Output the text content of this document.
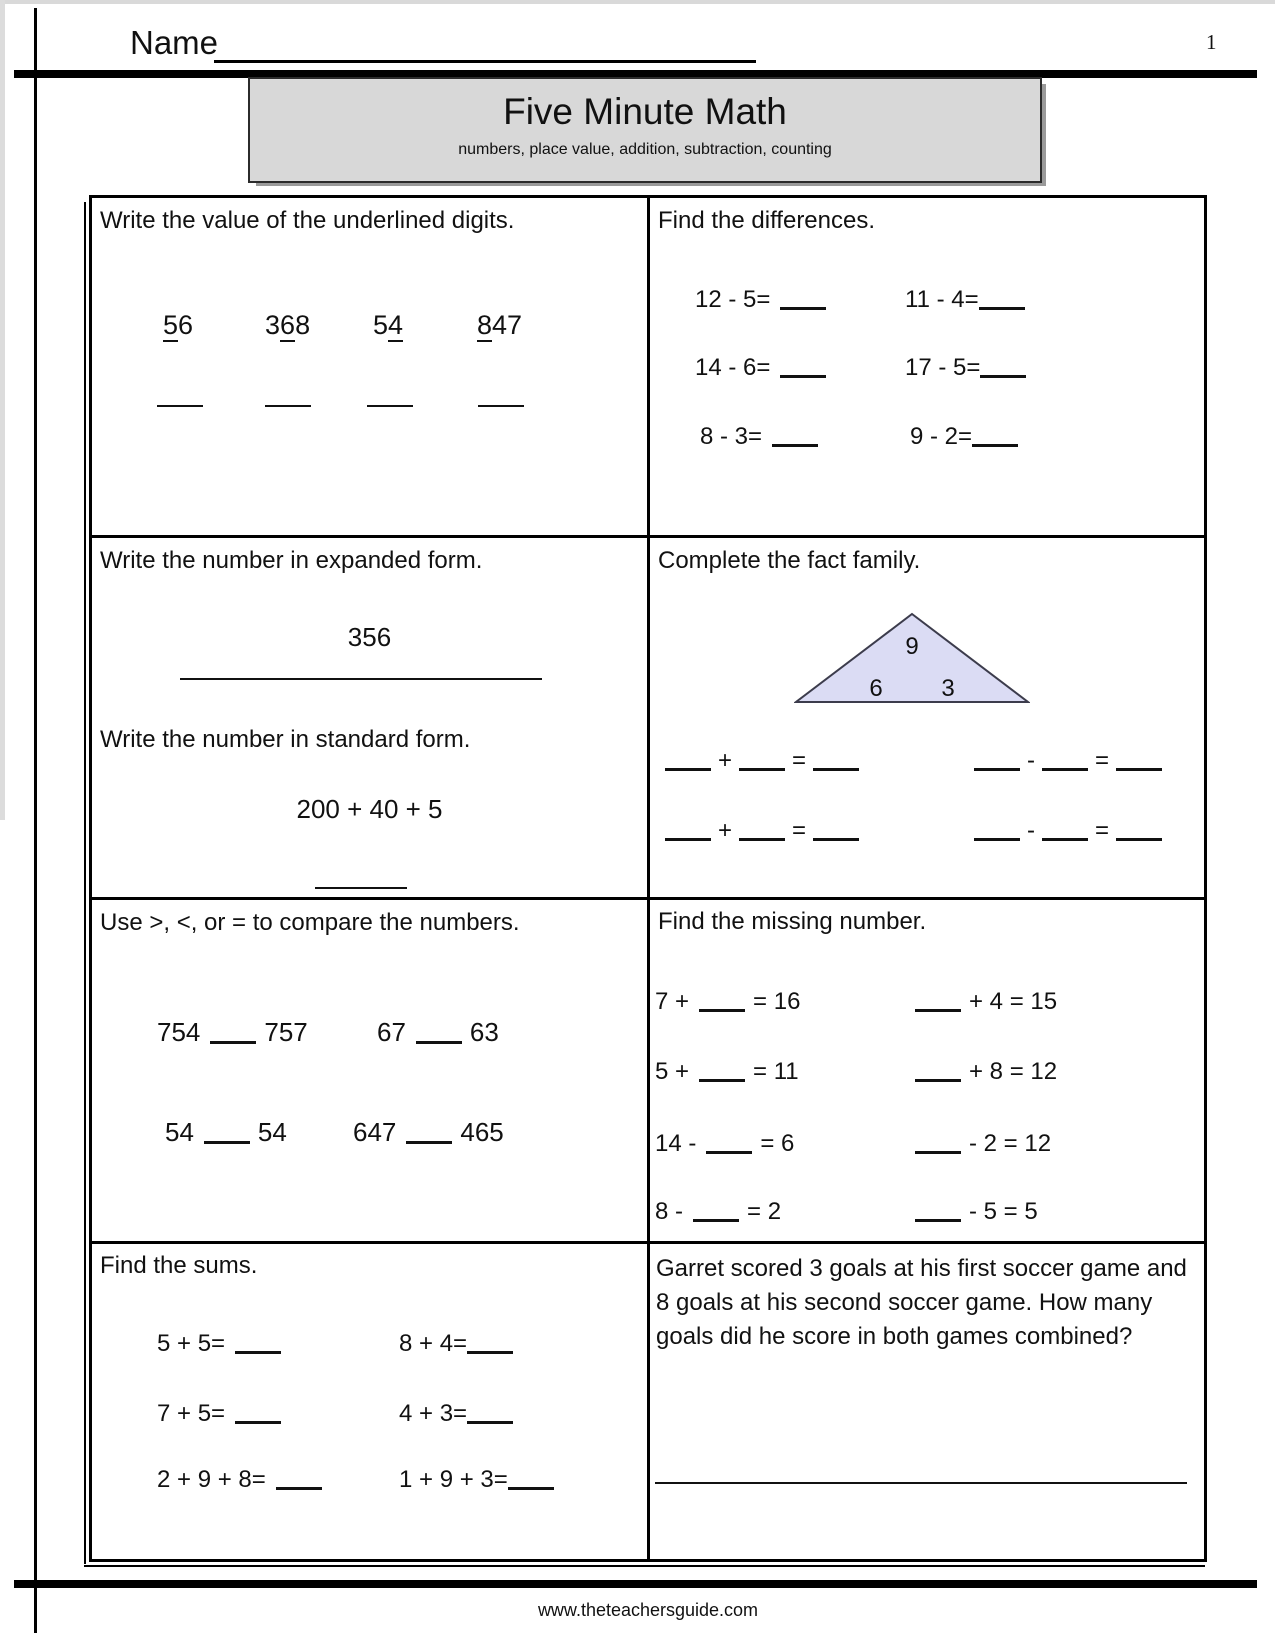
Name	1
Five Minute Math
numbers, place value, addition, subtraction, counting
Write the value of the underlined digits.
56	368 54	847
Find the differences.
12 - 5=	11 - 4=
14 - 6=	17 - 5=
8 - 3=	9 - 2=
Write the number in expanded form.
356
Write the number in standard form.
200 + 40 + 5
Complete the fact family.
9
6 3
+	=	-	=
+	=	-	=
Use >, <, or = to compare the numbers.
754 757	67 63
54 54	647 465
Find the missing number.
7 +	= 16	+ 4 = 15
5 +	= 11	+ 8 = 12
14 -	= 6	- 2 = 12
8 -	= 2	- 5 = 5
Find the sums.
5 + 5=	8 + 4=
7 + 5=	4 + 3=
2 + 9 + 8=	1 + 9 + 3=
Garret scored 3 goals at his first soccer game and 8 goals at his second soccer game. How many goals did he score in both games combined?
www.theteachersguide.com
